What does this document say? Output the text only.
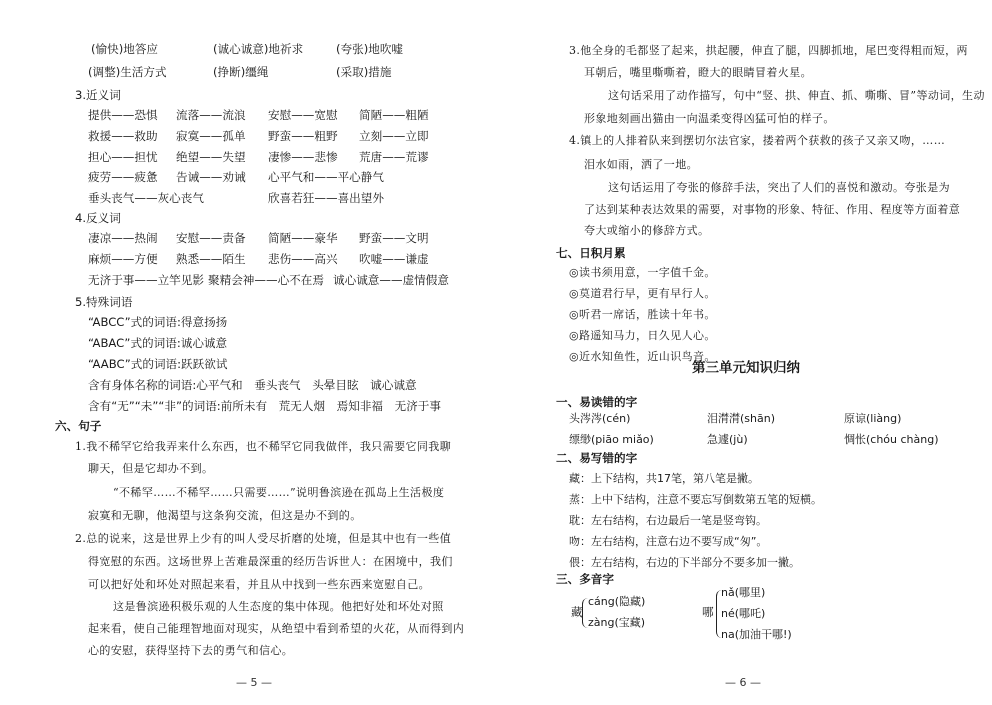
(愉快)地答应	(诚心诚意)地祈求	(夸张)地吹嘘
(调整)生活方式	(挣断)缰绳	(采取)措施
3.近义词
提供——恐惧 流落——流浪 安慰——宽慰 简陋——粗陋
救援——救助 寂寞——孤单 野蛮——粗野 立刻——立即
担心——担忧 绝望——失望 凄惨——悲惨 荒唐——荒谬
疲劳——疲惫 告诫——劝诫 心平气和——平心静气
垂头丧气——灰心丧气	欣喜若狂——喜出望外
4.反义词
凄凉——热闹 安慰——责备 简陋——豪华 野蛮——文明
麻烦——方便 熟悉——陌生 悲伤——高兴 吹嘘——谦虚
无济于事——立竿见影 聚精会神——心不在焉 诚心诚意——虚情假意
5.特殊词语
“ABCC”式的词语:得意扬扬
“ABAC”式的词语:诚心诚意
“AABC”式的词语:跃跃欲试
含有身体名称的词语:心平气和　垂头丧气　头晕目眩　诚心诚意
含有“无”“未”“非”的词语:前所未有　荒无人烟　焉知非福　无济于事
六、句子
1.我不稀罕它给我弄来什么东西，也不稀罕它同我做伴，我只需要它同我聊
聊天，但是它却办不到。
“不稀罕……不稀罕……只需要……”说明鲁滨逊在孤岛上生活极度
寂寞和无聊，他渴望与这条狗交流，但这是办不到的。
2.总的说来，这是世界上少有的叫人受尽折磨的处境，但是其中也有一些值
得宽慰的东西。这场世界上苦难最深重的经历告诉世人：在困境中，我们
可以把好处和坏处对照起来看，并且从中找到一些东西来宽慰自己。
这是鲁滨逊积极乐观的人生态度的集中体现。他把好处和坏处对照
起来看，使自己能理智地面对现实，从绝望中看到希望的火花，从而得到内
心的安慰，获得坚持下去的勇气和信心。
— 5 —
3.他全身的毛都竖了起来，拱起腰，伸直了腿，四脚抓地，尾巴变得粗而短，两
耳朝后，嘴里嘶嘶着，瞪大的眼睛冒着火星。
这句话采用了动作描写，句中“竖、拱、伸直、抓、嘶嘶、冒”等动词，生动
形象地刻画出猫由一向温柔变得凶猛可怕的样子。
4.镇上的人排着队来到摆切尔法官家，搂着两个获救的孩子又亲又吻，……
泪水如雨，洒了一地。
这句话运用了夸张的修辞手法，突出了人们的喜悦和激动。夸张是为
了达到某种表达效果的需要，对事物的形象、特征、作用、程度等方面着意
夸大或缩小的修辞方式。
七、日积月累
◎读书须用意，一字值千金。
◎莫道君行早，更有早行人。
◎听君一席话，胜读十年书。
◎路遥知马力，日久见人心。
◎近水知鱼性，近山识鸟音。
第三单元知识归纳
一、易读错的字
头涔涔(cén)	泪潸潸(shān)	原谅(liàng)
缥缈(piāo miǎo)	急遽(jù)	惆怅(chóu chàng)
二、易写错的字
藏：上下结构，共17笔，第八笔是撇。
蒸：上中下结构，注意不要忘写倒数第五笔的短横。
耽：左右结构，右边最后一笔是竖弯钩。
吻：左右结构，注意右边不要写成“匆”。
偎：左右结构，右边的下半部分不要多加一撇。
三、多音字
藏
cáng(隐藏)
zàng(宝藏)
哪
nǎ(哪里)
né(哪吒)
na(加油干哪!)
— 6 —
